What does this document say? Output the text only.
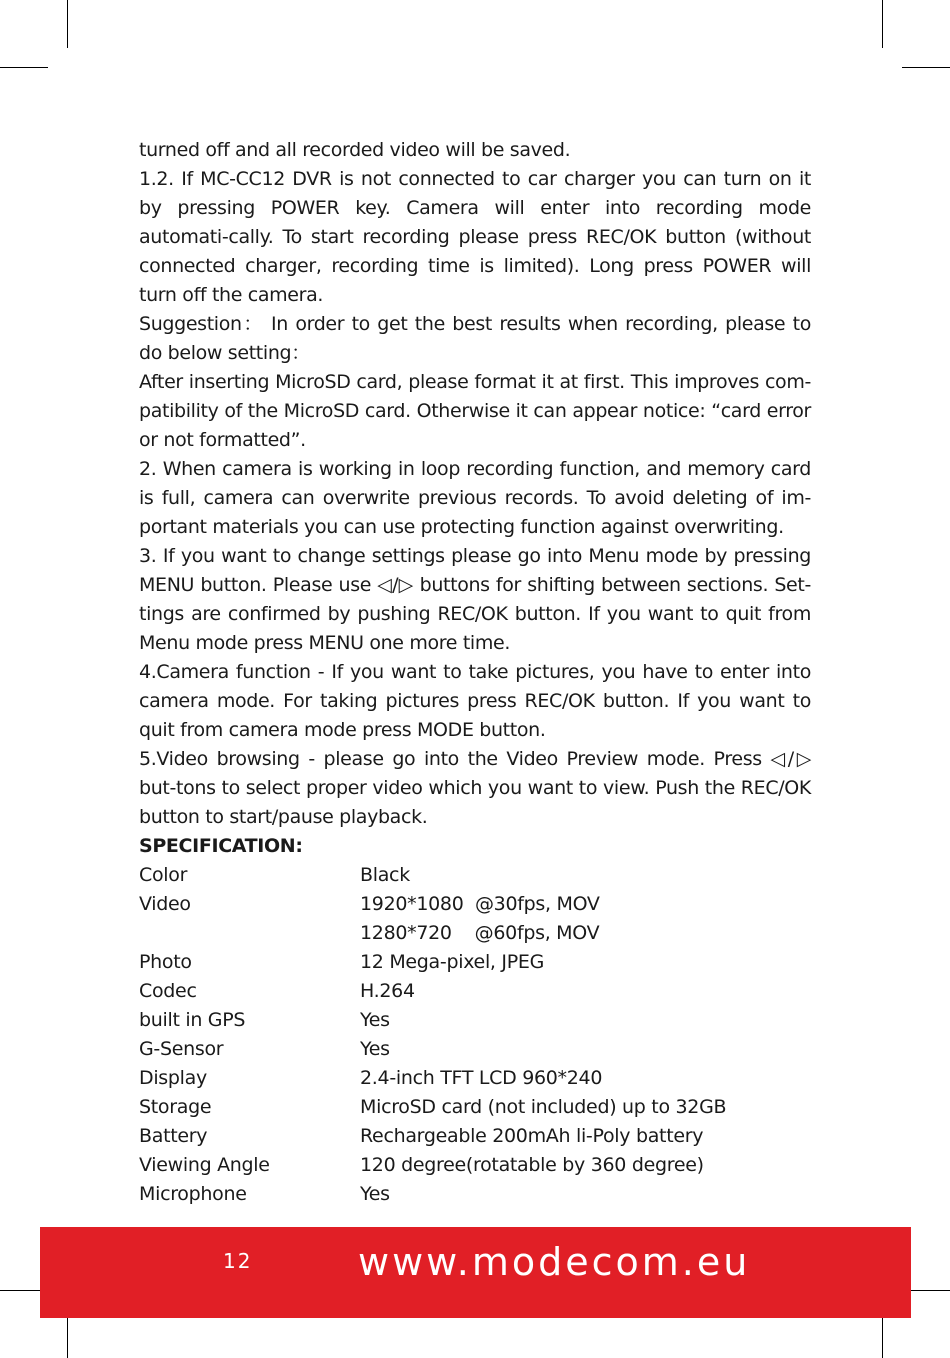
turned off and all recorded video will be saved.

1.2. If MC-CC12 DVR is not connected to car charger you can turn on it by pressing POWER key. Camera will enter into recording mode automati-cally. To start recording please press REC/OK button (without connected charger, recording time is limited). Long press POWER will turn off the camera.

Suggestion： In order to get the best results when recording, please to do below setting：

After inserting MicroSD card, please format it at first. This improves com-patibility of the MicroSD card. Otherwise it can appear notice: “card error or not formatted”.

2. When camera is working in loop recording function, and memory card is full, camera can overwrite previous records. To avoid deleting of im-portant materials you can use protecting function against overwriting.

3. If you want to change settings please go into Menu mode by pressing MENU button. Please use ◁/▷ buttons for shifting between sections. Set-tings are confirmed by pushing REC/OK button. If you want to quit from Menu mode press MENU one more time.

4.Camera function - If you want to take pictures, you have to enter into camera mode. For taking pictures press REC/OK button. If you want to quit from camera mode press MODE button.

5.Video browsing - please go into the Video Preview mode. Press ◁/▷ but-tons to select proper video which you want to view. Push the REC/OK button to start/pause playback.

SPECIFICATION:

Color	Black
Video	1920*1080  @30fps, MOV
1280*720    @60fps, MOV
Photo	12 Mega-pixel, JPEG
Codec	H.264
built in GPS	Yes
G-Sensor	Yes
Display	2.4-inch TFT LCD 960*240
Storage	MicroSD card (not included) up to 32GB
Battery	Rechargeable 200mAh li-Poly battery
Viewing Angle	120 degree(rotatable by 360 degree)
Microphone	Yes
12	www.modecom.eu
